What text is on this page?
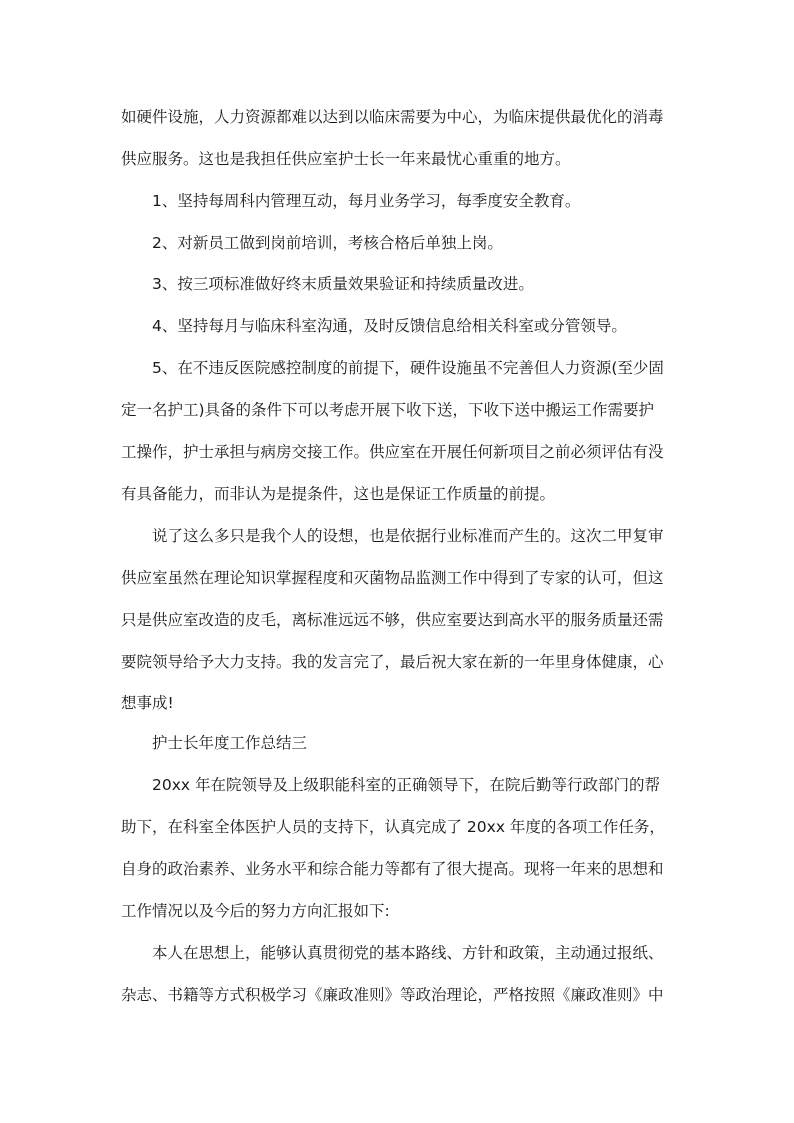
如硬件设施，人力资源都难以达到以临床需要为中心，为临床提供最优化的消毒
供应服务。这也是我担任供应室护士长一年来最忧心重重的地方。
1、坚持每周科内管理互动，每月业务学习，每季度安全教育。
2、对新员工做到岗前培训，考核合格后单独上岗。
3、按三项标准做好终末质量效果验证和持续质量改进。
4、坚持每月与临床科室沟通，及时反馈信息给相关科室或分管领导。
5、在不违反医院感控制度的前提下，硬件设施虽不完善但人力资源(至少固
定一名护工)具备的条件下可以考虑开展下收下送，下收下送中搬运工作需要护
工操作，护士承担与病房交接工作。供应室在开展任何新项目之前必须评估有没
有具备能力，而非认为是提条件，这也是保证工作质量的前提。
说了这么多只是我个人的设想，也是依据行业标准而产生的。这次二甲复审
供应室虽然在理论知识掌握程度和灭菌物品监测工作中得到了专家的认可，但这
只是供应室改造的皮毛，离标准远远不够，供应室要达到高水平的服务质量还需
要院领导给予大力支持。我的发言完了，最后祝大家在新的一年里身体健康，心
想事成!
护士长年度工作总结三
20xx 年在院领导及上级职能科室的正确领导下，在院后勤等行政部门的帮
助下，在科室全体医护人员的支持下，认真完成了 20xx 年度的各项工作任务，
自身的政治素养、业务水平和综合能力等都有了很大提高。现将一年来的思想和
工作情况以及今后的努力方向汇报如下:
本人在思想上，能够认真贯彻党的基本路线、方针和政策，主动通过报纸、
杂志、书籍等方式积极学习《廉政准则》等政治理论，严格按照《廉政准则》中
